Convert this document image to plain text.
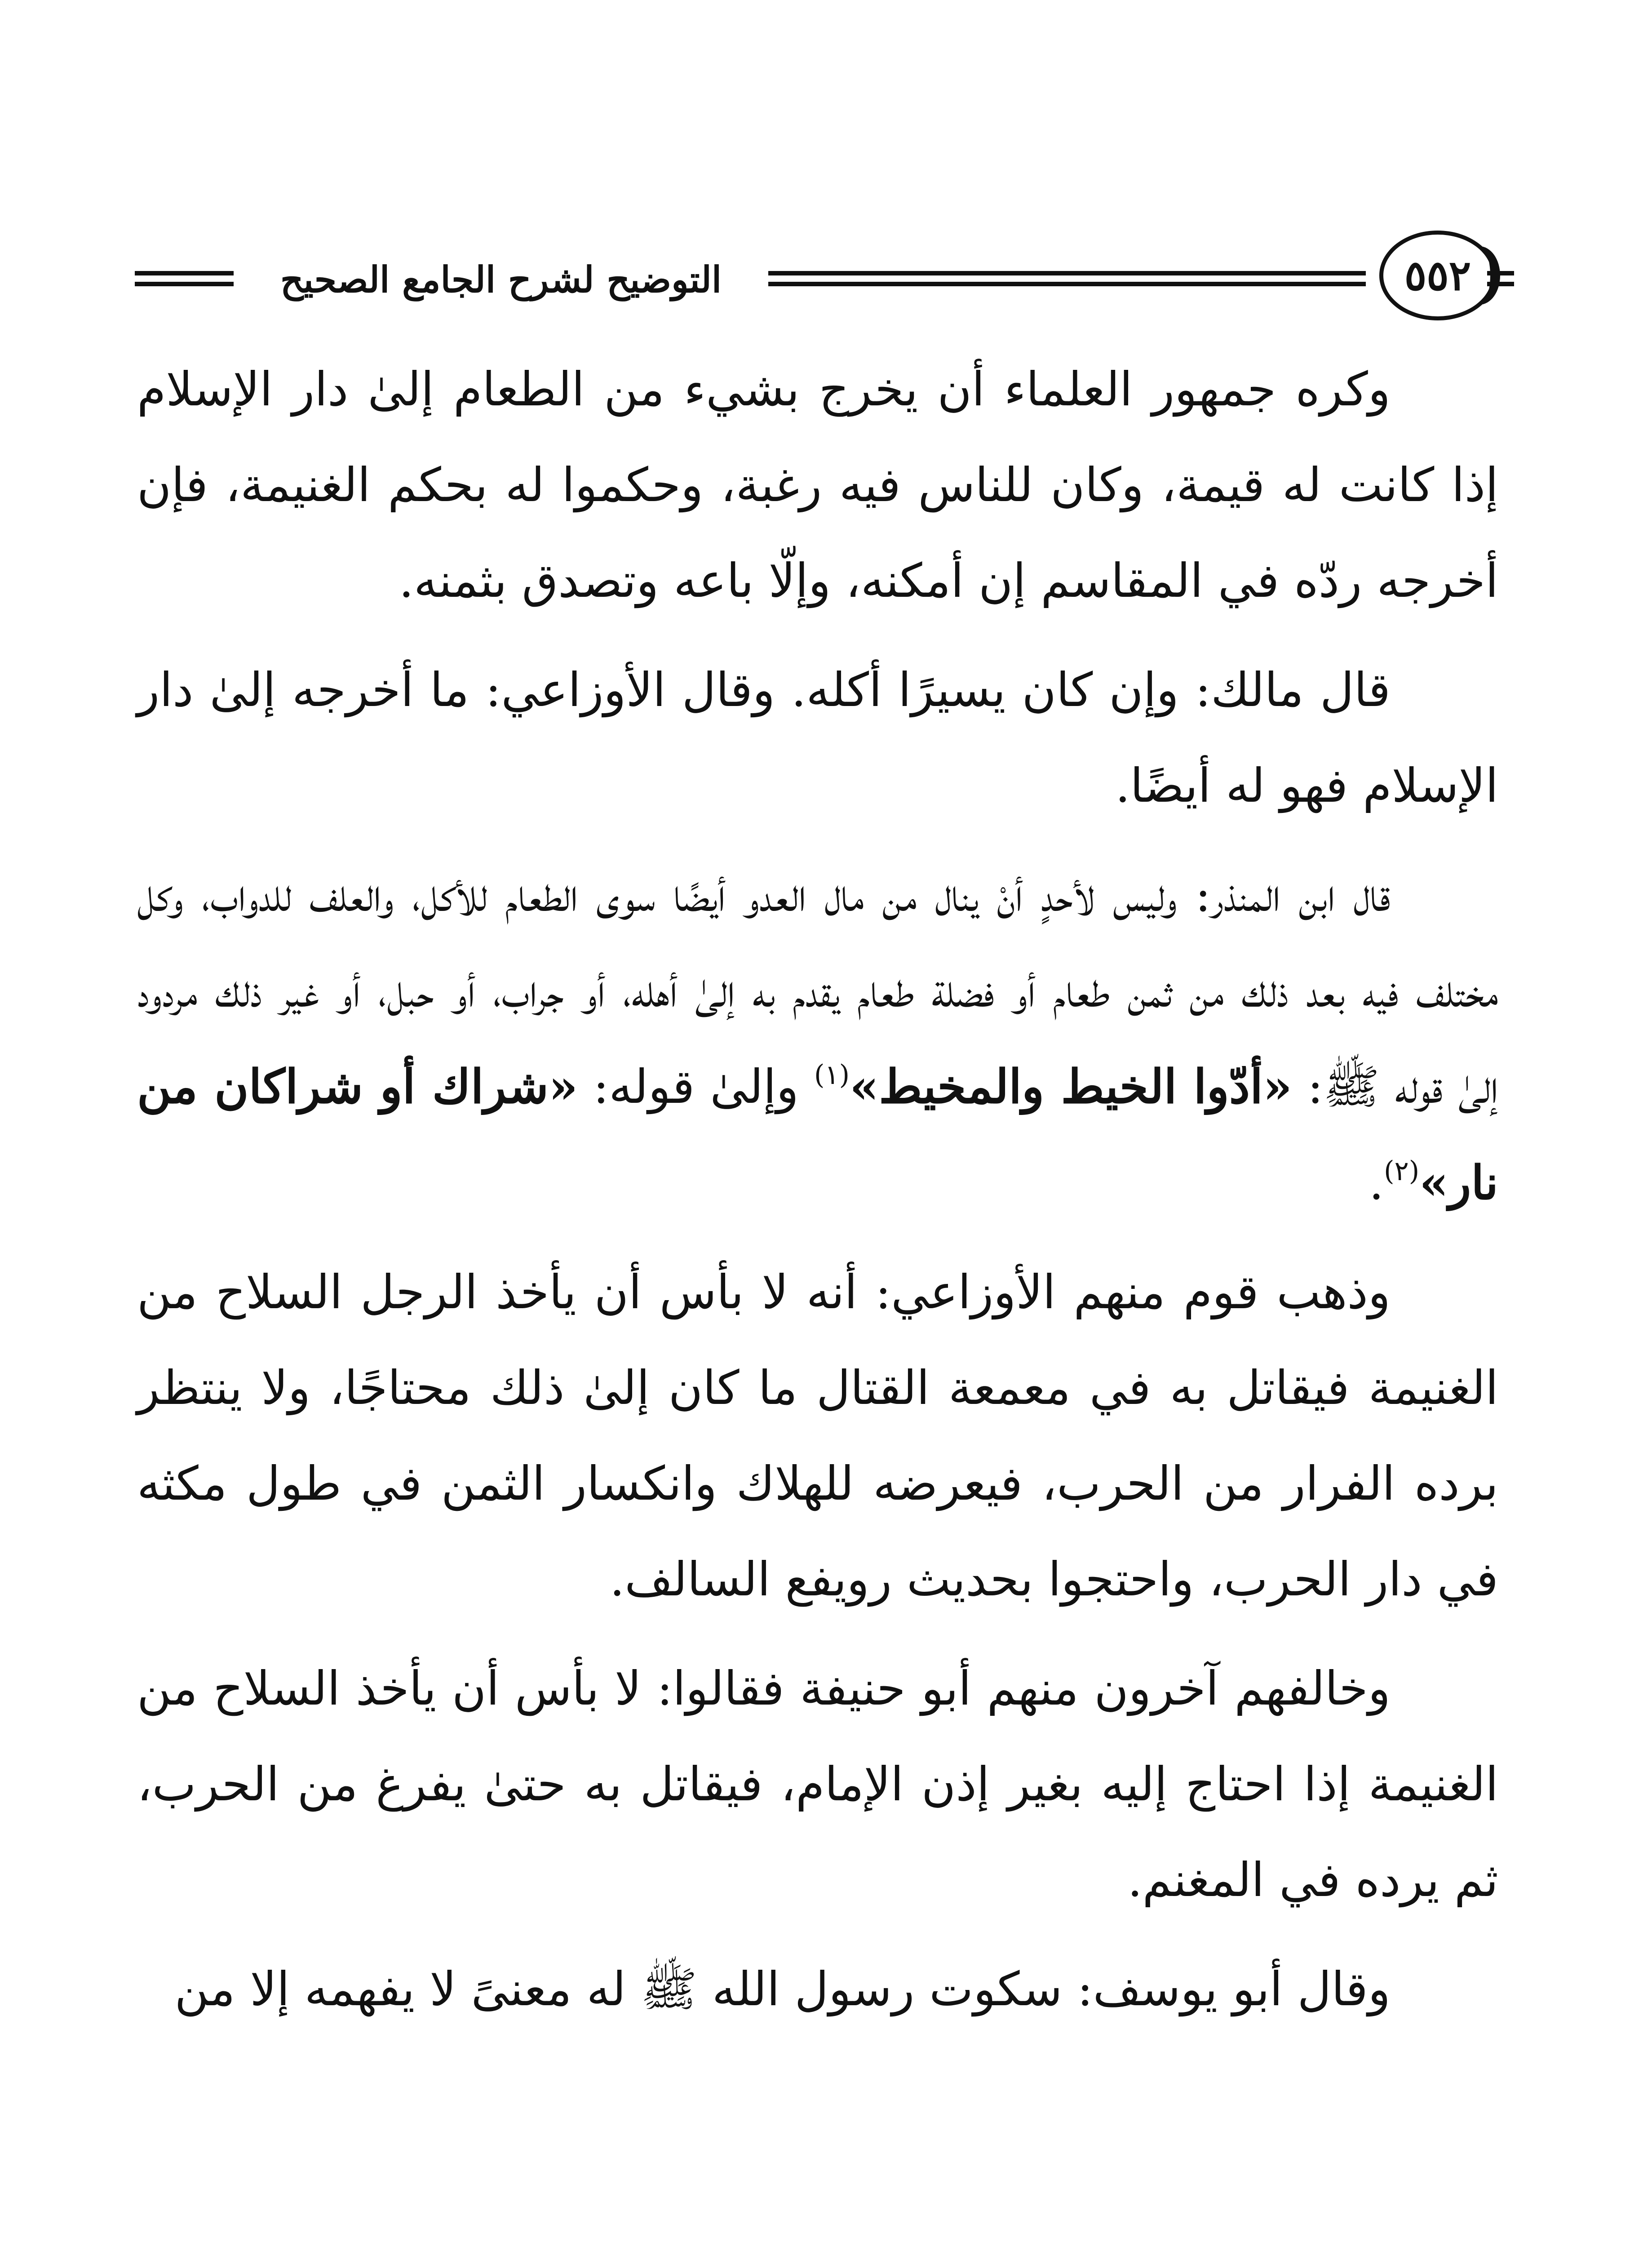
التوضيح لشرح الجامع الصحيح	٥٥٢

وكره جمهور العلماء أن يخرج بشيء من الطعام إلىٰ دار الإسلام إذا كانت له قيمة، وكان للناس فيه رغبة، وحكموا له بحكم الغنيمة، فإن أخرجه ردّه في المقاسم إن أمكنه، وإلّا باعه وتصدق بثمنه.

قال مالك: وإن كان يسيرًا أكله. وقال الأوزاعي: ما أخرجه إلىٰ دار الإسلام فهو له أيضًا.

قال ابن المنذر: وليس لأحدٍ أنْ ينال من مال العدو أيضًا سوى الطعام للأكل، والعلف للدواب، وكل مختلف فيه بعد ذلك من ثمن طعام أو فضلة طعام يقدم به إلىٰ أهله، أو جراب، أو حبل، أو غير ذلك مردود إلىٰ قوله ﷺ: «أدّوا الخيط والمخيط»$^{(١)}$ وإلىٰ قوله: «شراك أو شراكان من نار»$^{(٢)}$.

وذهب قوم منهم الأوزاعي: أنه لا بأس أن يأخذ الرجل السلاح من الغنيمة فيقاتل به في معمعة القتال ما كان إلىٰ ذلك محتاجًا، ولا ينتظر برده الفرار من الحرب، فيعرضه للهلاك وانكسار الثمن في طول مكثه في دار الحرب، واحتجوا بحديث رويفع السالف.

وخالفهم آخرون منهم أبو حنيفة فقالوا: لا بأس أن يأخذ السلاح من الغنيمة إذا احتاج إليه بغير إذن الإمام، فيقاتل به حتىٰ يفرغ من الحرب، ثم يرده في المغنم.

وقال أبو يوسف: سكوت رسول الله ﷺ له معنىً لا يفهمه إلا من
